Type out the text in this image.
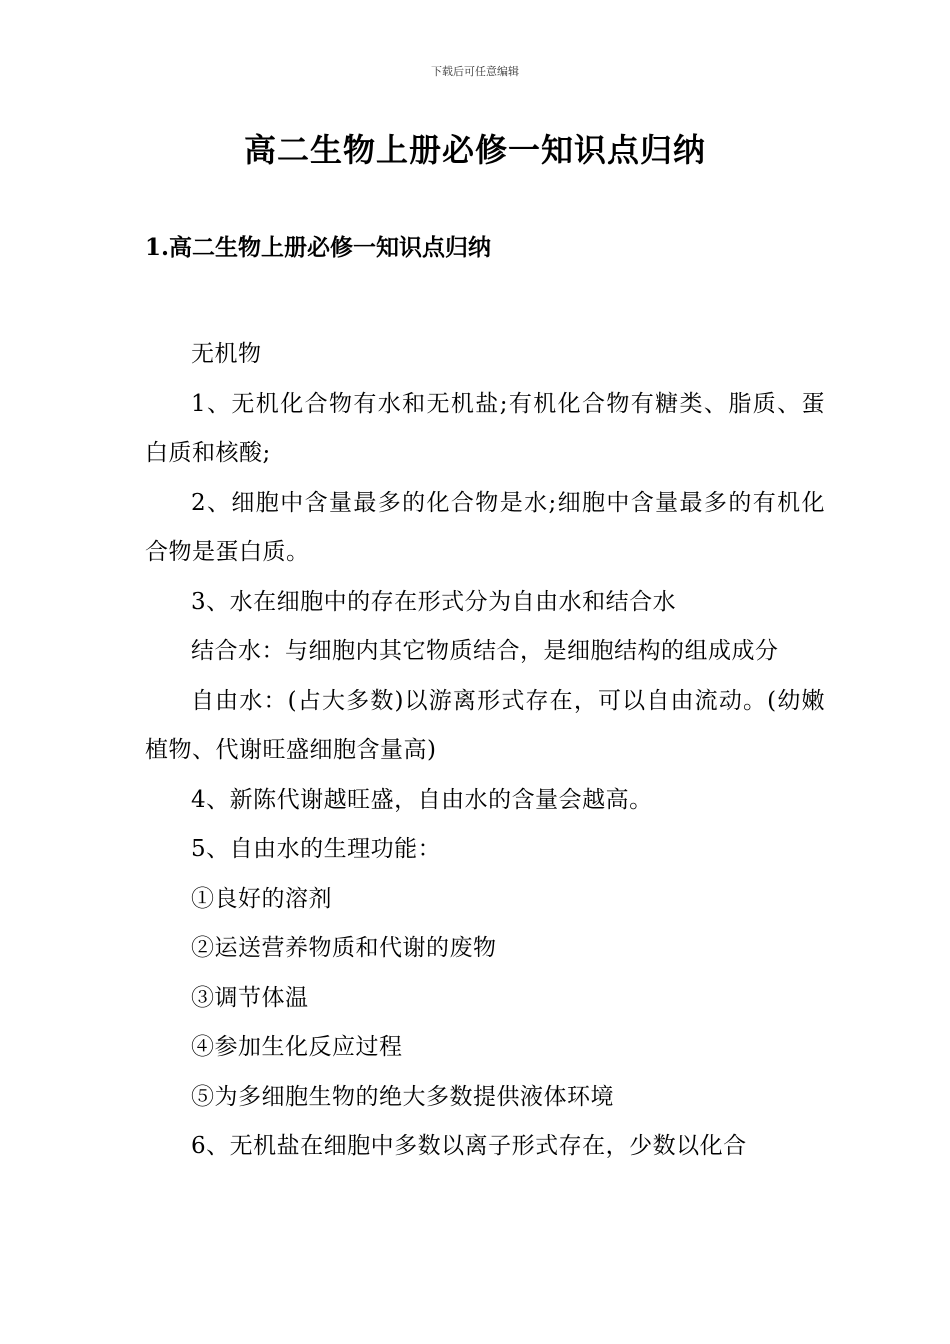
下载后可任意编辑
高二生物上册必修一知识点归纳
1.高二生物上册必修一知识点归纳

无机物

1、无机化合物有水和无机盐;有机化合物有糖类、脂质、蛋白质和核酸;

2、细胞中含量最多的化合物是水;细胞中含量最多的有机化合物是蛋白质。

3、水在细胞中的存在形式分为自由水和结合水

结合水：与细胞内其它物质结合，是细胞结构的组成成分

自由水：(占大多数)以游离形式存在，可以自由流动。(幼嫩植物、代谢旺盛细胞含量高)

4、新陈代谢越旺盛，自由水的含量会越高。

5、自由水的生理功能：

①良好的溶剂

②运送营养物质和代谢的废物

③调节体温

④参加生化反应过程

⑤为多细胞生物的绝大多数提供液体环境

6、无机盐在细胞中多数以离子形式存在，少数以化合
